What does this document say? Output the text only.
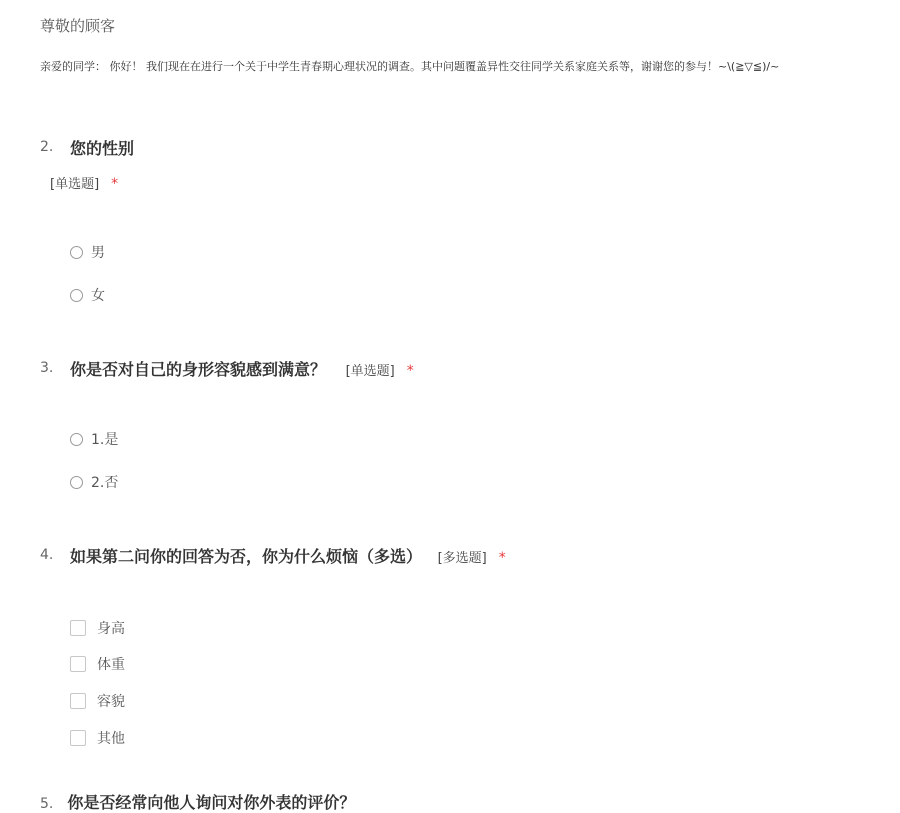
尊敬的顾客
亲爱的同学： 你好！ 我们现在在进行一个关于中学生青春期心理状况的调查。其中问题覆盖异性交往同学关系家庭关系等，谢谢您的参与！~\(≧▽≦)/~
2. 您的性别
[单选题] *
男
女
3. 你是否对自己的身形容貌感到满意？ [单选题] *
1.是
2.否
4. 如果第二问你的回答为否，你为什么烦恼（多选） [多选题] *
身高
体重
容貌
其他
5. 你是否经常向他人询问对你外表的评价？
